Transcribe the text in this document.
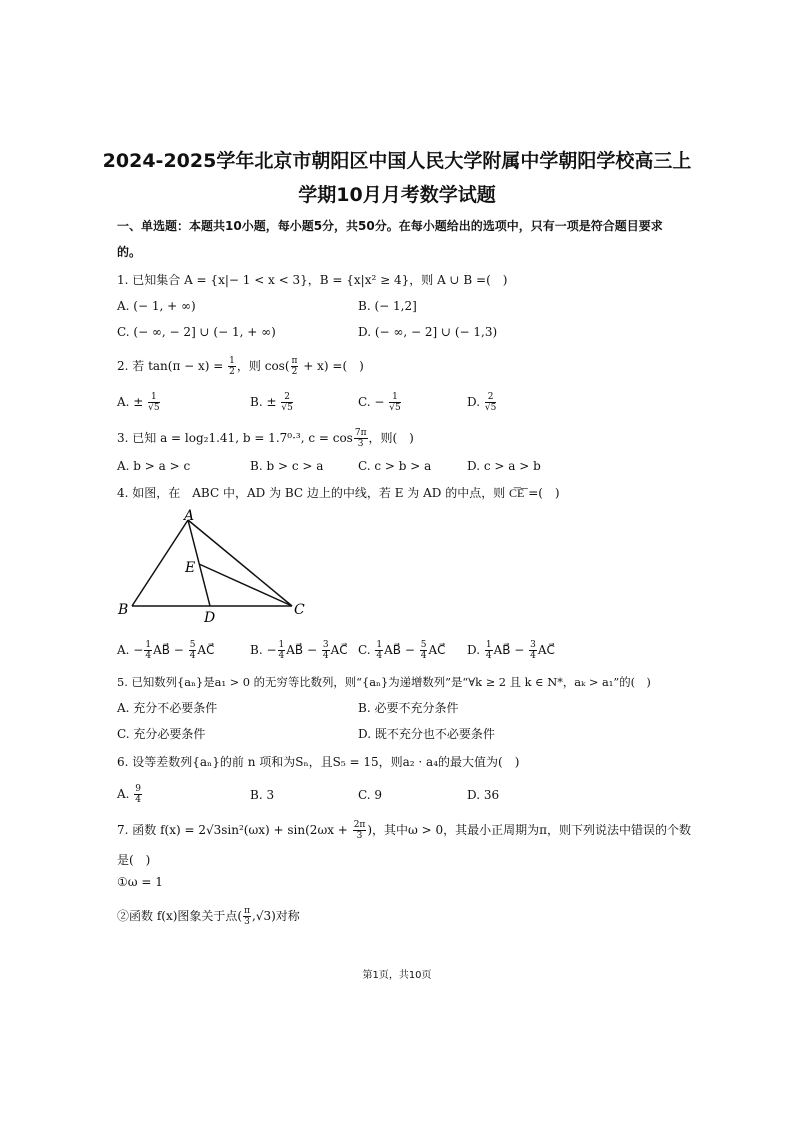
2024-2025学年北京市朝阳区中国人民大学附属中学朝阳学校高三上
学期10月月考数学试题
一、单选题：本题共10小题，每小题5分，共50分。在每小题给出的选项中，只有一项是符合题目要求
的。
1. 已知集合 A = {x|− 1 < x < 3}，B = {x|x² ≥ 4}，则 A ∪ B =(　)
A. (− 1, + ∞)	B. (− 1,2]
C. (− ∞, − 2] ∪ (− 1, + ∞)	D. (− ∞, − 2] ∪ (− 1,3)
2. 若 $\tan(\pi - x) = \frac{1}{2}$ ，则 $\cos( \frac{\pi}{2} + x)$ =(　)
A. ± $\frac{1}{√5}$	B. ± $\frac{2}{√5}$	C. − $\frac{1}{√5}$	D. $\frac{2}{√5}$
3. 已知 a = log₂1.41, b = 1.7⁰·³, $c = \cos \frac{7\pi}{3}$ ，则(　)
A. b > a > c	B. b > c > a	C. c > b > a	D. c > a > b
4. 如图，在　ABC 中，AD 为 BC 边上的中线，若 E 为 AD 的中点，则 C͞E͞ =(　)
A
B	C
D
E
A. − $\frac{1}{4}$ AB⃗ − $\frac{5}{4}$ AC⃗	B. − $\frac{1}{4}$ AB⃗ − $\frac{3}{4}$ AC⃗ C. $\frac{1}{4}$ AB⃗ − $\frac{5}{4}$ AC⃗ D. $\frac{1}{4}$ AB⃗ − $\frac{3}{4}$ AC⃗
5. 已知数列{aₙ}是a₁ > 0 的无穷等比数列，则“{aₙ}为递增数列”是“∀k ≥ 2 且 k ∈ N*，aₖ > a₁”的(　)
A. 充分不必要条件	B. 必要不充分条件
C. 充分必要条件	D. 既不充分也不必要条件
6. 设等差数列{aₙ}的前 n 项和为Sₙ，且S₅ = 15，则a₂ · a₄的最大值为(　)
A. $\frac{9}{4}$	B. 3	C. 9	D. 36
7. 函数 $f(x) = 2√3\sin^2(\omega x) + \sin(2\omega x + \frac{2\pi}{3}$ )，其中ω > 0，其最小正周期为π，则下列说法中错误的个数
是(　)
①ω = 1
②函数 f(x)图象关于点( $\frac{\pi}{3} ,√3$)对称
第1页，共10页
